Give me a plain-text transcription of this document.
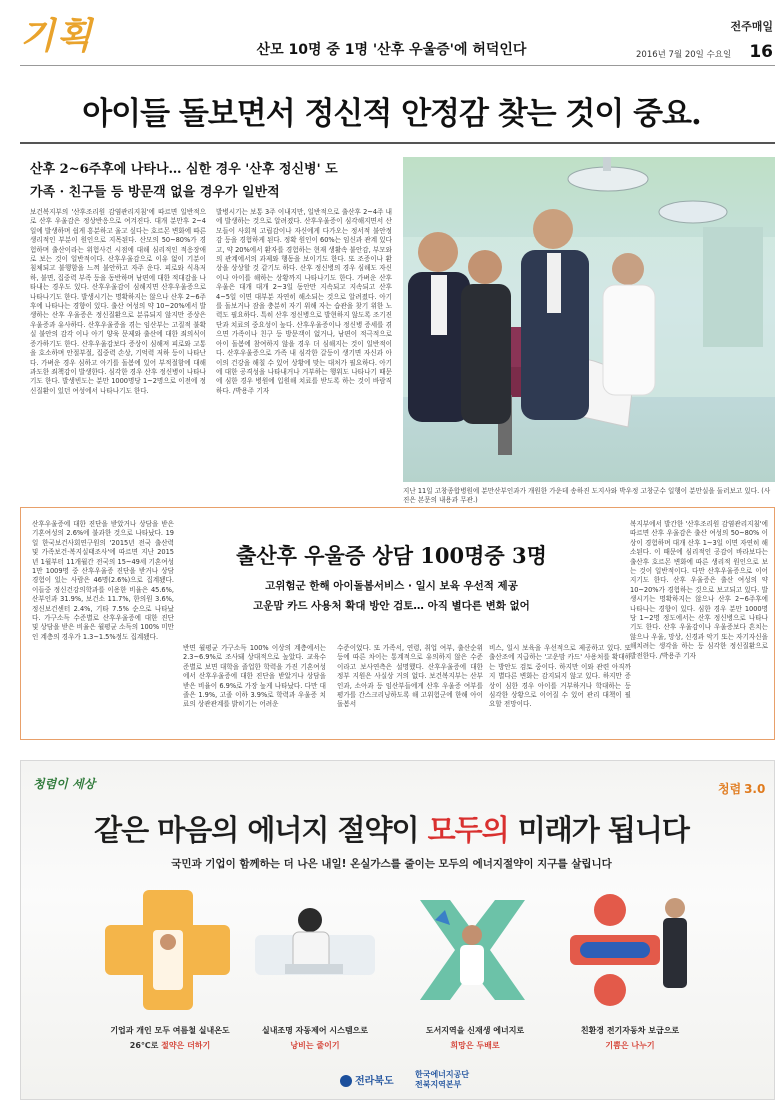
기획	산모 10명 중 1명 '산후 우울증'에 허덕인다
전주매일
2016년 7월 20일 수요일 16
아이들 돌보면서 정신적 안정감 찾는 것이 중요.
산후 2~6주후에 나타나… 심한 경우 '산후 정신병' 도
가족 · 친구들 등 방문객 없을 경우가 일반적
보건복지부의 '산후조리원 감염관리지침'에 따르면 일반적으로 산후 우울감은 정상반응으로 여겨진다. 대개 분만후 2~4일에 발생하며 쉽게 흥분하고 울고 싶다는 호르몬 변화에 따른 생리적인 부분이 원인으로 지목된다. 산모의 50~80%가 경험하며 출산이라는 위험사건 시점에 대해 심리적인 적응장애로 보는 것이 일반적이다. 산후우울감으로 이유 없이 기분이 침체되고 불행함을 느껴 불안하고 자주 운다. 피로와 식욕저하, 불면, 집중력 부족 등을 동반하며 남편에 대한 적대감을 나타내는 경우도 있다. 산후우울감이 심해지면 산후우울증으로 나타나기도 한다. 발생시기는 명확하지는 않으나 산후 2~6주후에 나타나는 경향이 있다. 출산 여성의 약 10~20%에서 발생하는 산후 우울증은 정신질환으로 분류되지 않지만 증상은 우울증과 유사하다. 산후우울증을 겪는 임산부는 고질적 불확실 불안의 감각 이나 아기 양육 문제와 출산에 대한 죄의식이 증가하기도 한다. 산후우울감보다 증상이 심해져 피로와 고통을 호소하며 안절부절, 집중력 손상, 기억력 저하 등이 나타난다. 가벼운 경우 심하고 아기를 돌봄에 있어 부적절함에 대해 과도한 죄책감이 발생한다. 심각한 경우 산후 정신병이 나타나기도 한다. 발생빈도는 분만 1000명당 1~2명으로 이전에 정신질환이 있던 여성에서 나타나기도 한다.
발병시기는 보통 3주 이내지만, 일반적으로 출산후 2~4주 내에 발생하는 것으로 알려졌다. 산후우울증이 심각해지면서 산모들이 사회적 고립감이나 자신에게 다가오는 정서적 불안정감 등을 경험하게 된다. 정확 원인이 60%는 임신과 관계 있다고, 약 20%에서 환자를 경험하는 현재 생활속 불안감, 부모와의 관계에서의 과제와 행동을 보이기도 한다. 또 조증이나 환상을 상상할 것 같기도 하다. 산후 정신병의 경우 심해도 자신이나 아이를 해하는 상황까지 나타나기도 한다. 가벼운 산후 우울은 대개 대개 2~3일 동안만 지속되고 지속되고 산후 4~5일 이면 대부분 자연히 해소되는 것으로 알려졌다. 아기를 돌보거나 잠을 충분히 자기 위해 자는 습관을 찾기 위한 노력도 필요하다. 특히 산후 정신병으로 발현하지 않도록 조기진단과 치료의 중요성이 높다. 산후우울증이나 정신병 증세를 겪으면 가족이나 친구 등 방문객이 없거나, 남편이 적극적으로 아이 돌봄에 참여하지 않을 경우 더 심해지는 것이 일반적이다. 산후우울증으로 가족 내 심각한 갈등이 생기면 자신과 아이의 건강을 해칠 수 있어 상황에 맞는 대처가 필요하다. 아기에 대한 공격성을 나타내거나 거부하는 행위도 나타나기 때문에 심한 경우 병원에 입원해 치료를 받도록 하는 것이 바람직하다. /박용주 기자
지난 11일 고창종합병원에 분만산부인과가 개원한 가운데 송하진 도지사와 박우정 고창군수 일행이 분만실을 둘러보고 있다. (사진은 본문의 내용과 무관.)
출산후 우울증 상담 100명중 3명
고위험군 한해 아이돌봄서비스 · 일시 보육 우선적 제공
고운맘 카드 사용처 확대 방안 검토… 아직 별다른 변화 없어
산후우울증에 대한 진단을 받았거나 상담을 받은 기혼여성의 2.6%에 불과한 것으로 나타났다. 19일 한국보건사회연구원의 '2015년 전국 출산력 및 가족보건·복지실태조사'에 따르면 지난 2015년 1월부터 11개월간 전국의 15~49세 기혼여성 1만 1009명 중 산후우울증 진단을 받거나 상담 경험이 있는 사람은 46명(2.6%)으로 집계됐다. 이들중 정신건강의학과를 이용한 비율은 45.6%, 산부인과 31.9%, 보건소 11.7%, 한의원 3.6%, 정신보건센터 2.4%, 기타 7.5% 순으로 나타났다. 가구소득 수준별로 산후우울증에 대한 진단 및 상담을 받은 비율은 월평균 소득의 100% 미만인 계층의 경우가 1.3~1.5%정도 집계됐다.
반면 월평균 가구소득 100% 이상의 계층에서는 2.3~6.9%로 조사돼 상대적으로 높았다. 교육수준별로 보면 대학을 졸업한 학력을 가진 기혼여성에서 산후우울증에 대한 진단을 받았거나 상담을 받은 비율이 6.9%로 가장 높게 나타났다. 다만 대졸은 1.9%, 고졸 이하 3.9%로 학력과 우울증 치료의 상관관계를 밝히기는 어려운
수준이었다. 또 가족서, 연령, 취업 여부, 출산순위 등에 따른 차이는 통계적으로 유의하지 않은 수준이라고 보사연측은 설명했다. 산후우울증에 대한 정부 지원은 사실상 거의 없다. 보건복지부는 산부인과, 소아과 등 임산부들에게 산후 우울증 여부를 평가를 간스크리닝하도록 해 고위험군에 한해 아이돌봄서
비스, 일시 보육을 우선적으로 제공하고 있다. 또 출산조에 지급하는 '고운맘 카드' 사용처를 확대하는 방안도 검토 중이다. 하지만 이와 관련 아직까지 별다른 변화는 감지되지 않고 있다. 하지만 증상이 심한 경우 아이를 거부하거나 학대하는 등 심각한 상황으로 이어질 수 있어 관리 대책이 필요할 전망이다.
복지부에서 발간한 '산후조리원 감염관리지침'에 따르면 산후 우울감은 출산 여성의 50~80% 이상이 경험하며 대개 산후 1~3일 이면 자연히 해소된다. 이 때문에 심리적인 공감이 바라보다는 출산후 호르몬 변화에 따른 생리적 원인으로 보는 것이 일반적이다. 다만 산후우울증으로 이어지기도 한다. 산후 우울증은 출산 여성의 약 10~20%가 경험하는 것으로 보고되고 있다. 발생시기는 명확하지는 않으나 산후 2~6주후에 나타나는 경향이 있다. 심한 경우 분만 1000명 당 1~2명 정도에서는 산후 정신병으로 나타나기도 한다. 산후 우울감이나 우울증보다 흔치는 않으나 우울, 망상, 신경과 악기 또는 자기자신을 해치려는 생각을 하는 등 심각한 정신질환으로 발전한다. /박용주 기자
청렴이 세상	청렴 3.0
같은 마음의 에너지 절약이 모두의 미래가 됩니다
국민과 기업이 함께하는 더 나은 내일! 온실가스를 줄이는 모두의 에너지절약이 지구를 살립니다
기업과 개인 모두 여름철 실내온도
26℃로 절약은 더하기
실내조명 자동제어 시스템으로
낭비는 줄이기
도서지역을 신재생 에너지로
희망은 두배로
친환경 전기자동차 보급으로
기쁨은 나누기
전라북도
한국에너지공단
전북지역본부
